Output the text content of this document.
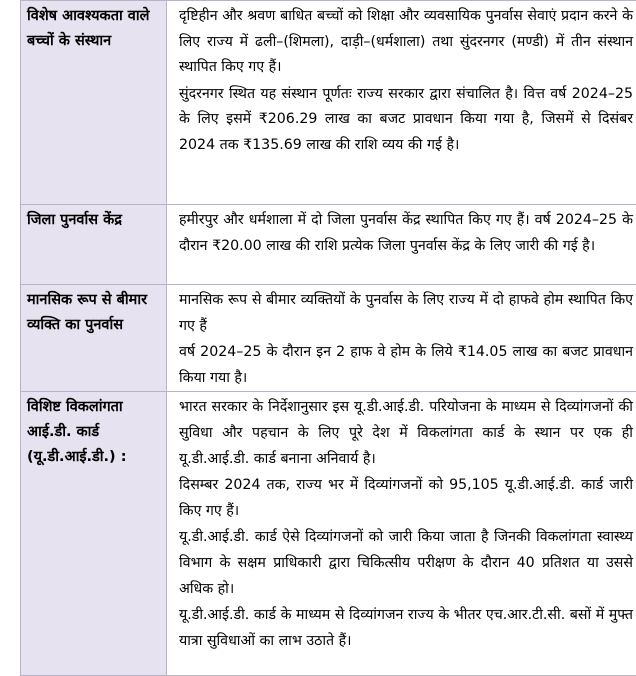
विशेष आवश्यकता वाले बच्चों के संस्थान	दृष्टिहीन और श्रवण बाधित बच्चों को शिक्षा और व्यवसायिक पुनर्वास सेवाएं प्रदान करने के लिए राज्य में ढली–(शिमला), दाड़ी–(धर्मशाला) तथा सुंदरनगर (मण्डी) में तीन संस्थान स्थापित किए गए हैं।

सुंदरनगर स्थित यह संस्थान पूर्णतः राज्य सरकार द्वारा संचालित है। वित्त वर्ष 2024–25 के लिए इसमें ₹206.29 लाख का बजट प्रावधान किया गया है, जिसमें से दिसंबर 2024 तक ₹135.69 लाख की राशि व्यय की गई है।

जिला पुनर्वास केंद्र	हमीरपुर और धर्मशाला में दो जिला पुनर्वास केंद्र स्थापित किए गए हैं। वर्ष 2024–25 के दौरान ₹20.00 लाख की राशि प्रत्येक जिला पुनर्वास केंद्र के लिए जारी की गई है।

मानसिक रूप से बीमार व्यक्ति का पुनर्वास	मानसिक रूप से बीमार व्यक्तियों के पुनर्वास के लिए राज्य में दो हाफवे होम स्थापित किए गए हैं

वर्ष 2024–25 के दौरान इन 2 हाफ वे होम के लिये ₹14.05 लाख का बजट प्रावधान किया गया है।

विशिष्ट विकलांगता आई.डी. कार्ड (यू.डी.आई.डी.) :	भारत सरकार के निर्देशानुसार इस यू.डी.आई.डी. परियोजना के माध्यम से दिव्यांगजनों की सुविधा और पहचान के लिए पूरे देश में विकलांगता कार्ड के स्थान पर एक ही यू.डी.आई.डी. कार्ड बनाना अनिवार्य है।

दिसम्बर 2024 तक, राज्य भर में दिव्यांगजनों को 95,105 यू.डी.आई.डी. कार्ड जारी किए गए हैं।

यू.डी.आई.डी. कार्ड ऐसे दिव्यांगजनों को जारी किया जाता है जिनकी विकलांगता स्वास्थ्य विभाग के सक्षम प्राधिकारी द्वारा चिकित्सीय परीक्षण के दौरान 40 प्रतिशत या उससे अधिक हो।

यू.डी.आई.डी. कार्ड के माध्यम से दिव्यांगजन राज्य के भीतर एच.आर.टी.सी. बसों में मुफ्त यात्रा सुविधाओं का लाभ उठाते हैं।
